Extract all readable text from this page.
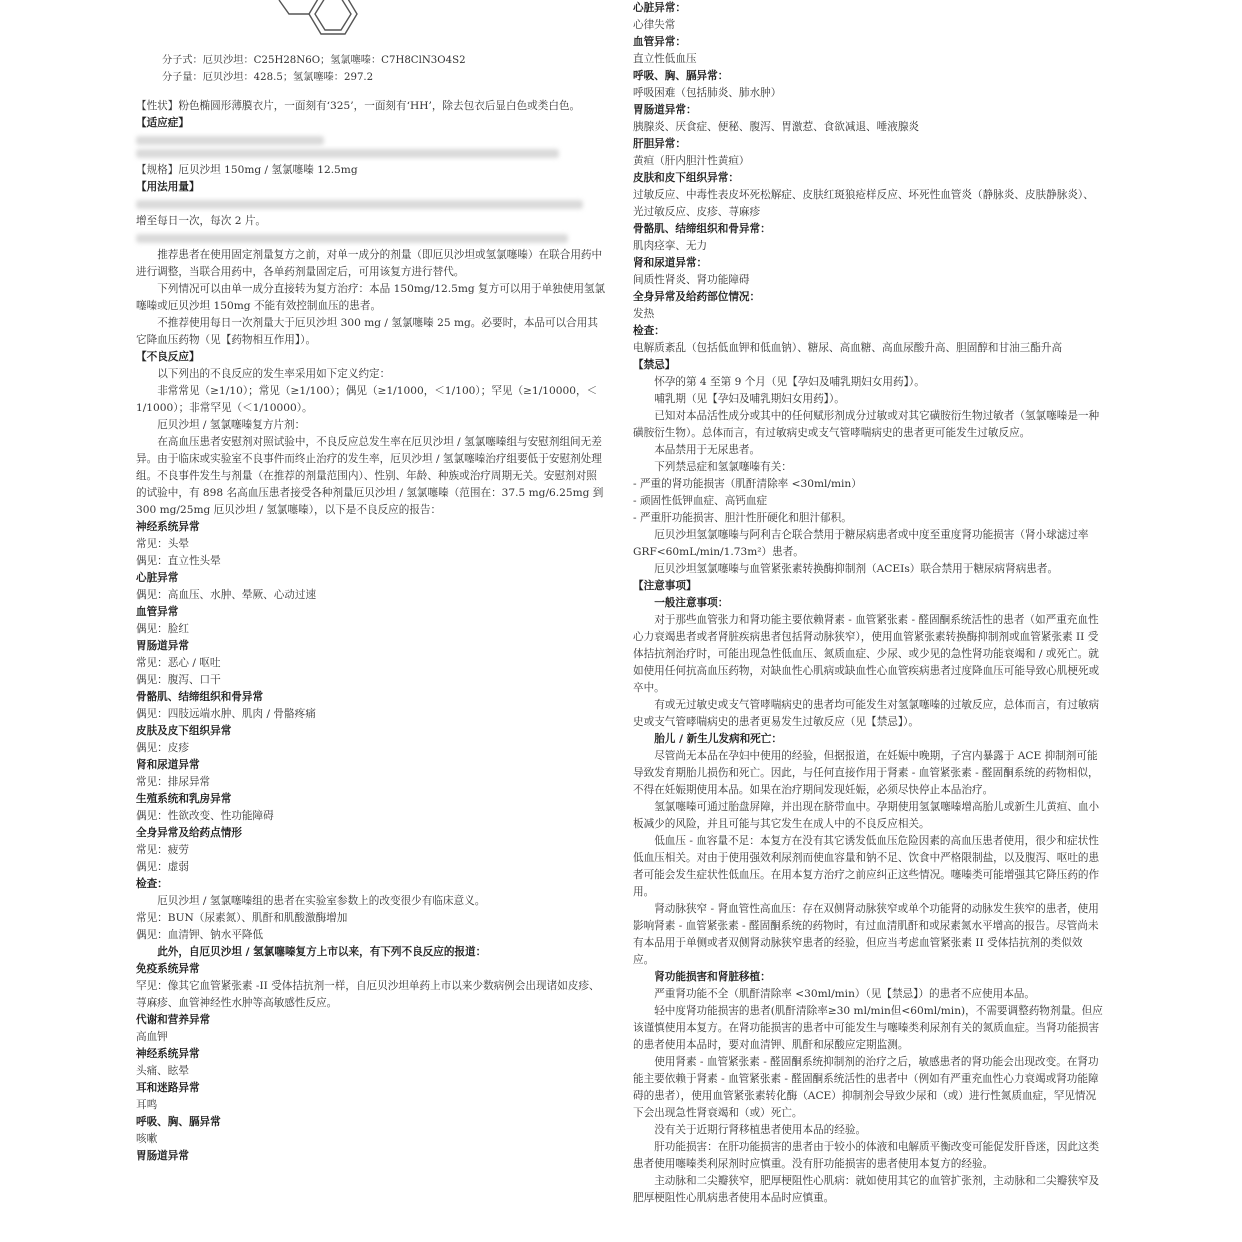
分子式：厄贝沙坦：C25H28N6O；氢氯噻嗪：C7H8ClN3O4S2
分子量：厄贝沙坦：428.5；氢氯噻嗪：297.2
【性状】粉色椭圆形薄膜衣片，一面刻有‘325’，一面刻有‘HH’，除去包衣后显白色或类白色。
【适应症】
【规格】厄贝沙坦 150mg / 氢氯噻嗪 12.5mg
【用法用量】
增至每日一次，每次 2 片。
推荐患者在使用固定剂量复方之前，对单一成分的剂量（即厄贝沙坦或氢氯噻嗪）在联合用药中进行调整，当联合用药中，各单药剂量固定后，可用该复方进行替代。
下列情况可以由单一成分直接转为复方治疗：本品 150mg/12.5mg 复方可以用于单独使用氢氯噻嗪或厄贝沙坦 150mg 不能有效控制血压的患者。
不推荐使用每日一次剂量大于厄贝沙坦 300 mg / 氢氯噻嗪 25 mg。必要时，本品可以合用其它降血压药物（见【药物相互作用】）。
【不良反应】
以下列出的不良反应的发生率采用如下定义约定：
非常常见（≥1/10）；常见（≥1/100）；偶见（≥1/1000，＜1/100）；罕见（≥1/10000，＜1/1000）；非常罕见（＜1/10000）。
厄贝沙坦 / 氢氯噻嗪复方片剂：
在高血压患者安慰剂对照试验中，不良反应总发生率在厄贝沙坦 / 氢氯噻嗪组与安慰剂组间无差异。由于临床或实验室不良事件而终止治疗的发生率，厄贝沙坦 / 氢氯噻嗪治疗组要低于安慰剂处理组。不良事件发生与剂量（在推荐的剂量范围内）、性别、年龄、种族或治疗周期无关。安慰剂对照的试验中，有 898 名高血压患者接受各种剂量厄贝沙坦 / 氢氯噻嗪（范围在：37.5 mg/6.25mg 到 300 mg/25mg 厄贝沙坦 / 氢氯噻嗪），以下是不良反应的报告：
神经系统异常
常见：头晕
偶见：直立性头晕
心脏异常
偶见：高血压、水肿、晕厥、心动过速
血管异常
偶见：脸红
胃肠道异常
常见：恶心 / 呕吐
偶见：腹泻、口干
骨骼肌、结缔组织和骨异常
偶见：四肢远端水肿、肌肉 / 骨骼疼痛
皮肤及皮下组织异常
偶见：皮疹
肾和尿道异常
常见：排尿异常
生殖系统和乳房异常
偶见：性欲改变、性功能障碍
全身异常及给药点情形
常见：疲劳
偶见：虚弱
检查：
厄贝沙坦 / 氢氯噻嗪组的患者在实验室参数上的改变很少有临床意义。
常见：BUN（尿素氮）、肌酐和肌酸激酶增加
偶见：血清钾、钠水平降低
此外，自厄贝沙坦 / 氢氯噻嗪复方上市以来，有下列不良反应的报道：
免疫系统异常
罕见：像其它血管紧张素 -II 受体拮抗剂一样，自厄贝沙坦单药上市以来少数病例会出现诸如皮疹、荨麻疹、血管神经性水肿等高敏感性反应。
代谢和营养异常
高血钾
神经系统异常
头痛、眩晕
耳和迷路异常
耳鸣
呼吸、胸、膈异常
咳嗽
胃肠道异常
心脏异常：
心律失常
血管异常：
直立性低血压
呼吸、胸、膈异常：
呼吸困难（包括肺炎、肺水肿）
胃肠道异常：
胰腺炎、厌食症、便秘、腹泻、胃激惹、食欲减退、唾液腺炎
肝胆异常：
黄疸（肝内胆汁性黄疸）
皮肤和皮下组织异常：
过敏反应、中毒性表皮坏死松解症、皮肤红斑狼疮样反应、坏死性血管炎（静脉炎、皮肤静脉炎）、光过敏反应、皮疹、荨麻疹
骨骼肌、结缔组织和骨异常：
肌肉痉挛、无力
肾和尿道异常：
间质性肾炎、肾功能障碍
全身异常及给药部位情况：
发热
检查：
电解质紊乱（包括低血钾和低血钠）、糖尿、高血糖、高血尿酸升高、胆固醇和甘油三酯升高
【禁忌】
怀孕的第 4 至第 9 个月（见【孕妇及哺乳期妇女用药】）。
哺乳期（见【孕妇及哺乳期妇女用药】）。
已知对本品活性成分或其中的任何赋形剂成分过敏或对其它磺胺衍生物过敏者（氢氯噻嗪是一种磺胺衍生物）。总体而言，有过敏病史或支气管哮喘病史的患者更可能发生过敏反应。
本品禁用于无尿患者。
下列禁忌症和氢氯噻嗪有关：
- 严重的肾功能损害（肌酐清除率 <30ml/min）
- 顽固性低钾血症、高钙血症
- 严重肝功能损害、胆汁性肝硬化和胆汁郁积。
厄贝沙坦氢氯噻嗪与阿利吉仑联合禁用于糖尿病患者或中度至重度肾功能损害（肾小球滤过率 GRF<60mL/min/1.73m²）患者。
厄贝沙坦氢氯噻嗪与血管紧张素转换酶抑制剂（ACEIs）联合禁用于糖尿病肾病患者。
【注意事项】
一般注意事项：
对于那些血管张力和肾功能主要依赖肾素 - 血管紧张素 - 醛固酮系统活性的患者（如严重充血性心力衰竭患者或者肾脏疾病患者包括肾动脉狭窄），使用血管紧张素转换酶抑制剂或血管紧张素 II 受体拮抗剂治疗时，可能出现急性低血压、氮质血症、少尿、或少见的急性肾功能衰竭和 / 或死亡。就如使用任何抗高血压药物，对缺血性心肌病或缺血性心血管疾病患者过度降血压可能导致心肌梗死或卒中。
有或无过敏史或支气管哮喘病史的患者均可能发生对氢氯噻嗪的过敏反应，总体而言，有过敏病史或支气管哮喘病史的患者更易发生过敏反应（见【禁忌】）。
胎儿 / 新生儿发病和死亡：
尽管尚无本品在孕妇中使用的经验，但据报道，在妊娠中晚期，子宫内暴露于 ACE 抑制剂可能导致发育期胎儿损伤和死亡。因此，与任何直接作用于肾素 - 血管紧张素 - 醛固酮系统的药物相似，不得在妊娠期使用本品。如果在治疗期间发现妊娠，必须尽快停止本品治疗。
氢氯噻嗪可通过胎盘屏障，并出现在脐带血中。孕期使用氢氯噻嗪增高胎儿或新生儿黄疸、血小板减少的风险，并且可能与其它发生在成人中的不良反应相关。
低血压 - 血容量不足：本复方在没有其它诱发低血压危险因素的高血压患者使用，很少和症状性低血压相关。对由于使用强效利尿剂而使血容量和钠不足、饮食中严格限制盐，以及腹泻、呕吐的患者可能会发生症状性低血压。在用本复方治疗之前应纠正这些情况。噻嗪类可能增强其它降压药的作用。
肾动脉狭窄 - 肾血管性高血压：存在双侧肾动脉狭窄或单个功能肾的动脉发生狭窄的患者，使用影响肾素 - 血管紧张素 - 醛固酮系统的药物时，有过血清肌酐和或尿素氮水平增高的报告。尽管尚未有本品用于单侧或者双侧肾动脉狭窄患者的经验，但应当考虑血管紧张素 II 受体拮抗剂的类似效应。
肾功能损害和肾脏移植：
严重肾功能不全（肌酐清除率 <30ml/min）（见【禁忌】）的患者不应使用本品。
轻中度肾功能损害的患者(肌酐清除率≥30 ml/min但<60ml/min)，不需要调整药物剂量。但应该谨慎使用本复方。在肾功能损害的患者中可能发生与噻嗪类利尿剂有关的氮质血症。当肾功能损害的患者使用本品时，要对血清钾、肌酐和尿酸应定期监测。
使用肾素 - 血管紧张素 - 醛固酮系统抑制剂的治疗之后，敏感患者的肾功能会出现改变。在肾功能主要依赖于肾素 - 血管紧张素 - 醛固酮系统活性的患者中（例如有严重充血性心力衰竭或肾功能障碍的患者），使用血管紧张素转化酶（ACE）抑制剂会导致少尿和（或）进行性氮质血症，罕见情况下会出现急性肾衰竭和（或）死亡。
没有关于近期行肾移植患者使用本品的经验。
肝功能损害：在肝功能损害的患者由于较小的体液和电解质平衡改变可能促发肝昏迷，因此这类患者使用噻嗪类利尿剂时应慎重。没有肝功能损害的患者使用本复方的经验。
主动脉和二尖瓣狭窄，肥厚梗阻性心肌病：就如使用其它的血管扩张剂，主动脉和二尖瓣狭窄及肥厚梗阻性心肌病患者使用本品时应慎重。
